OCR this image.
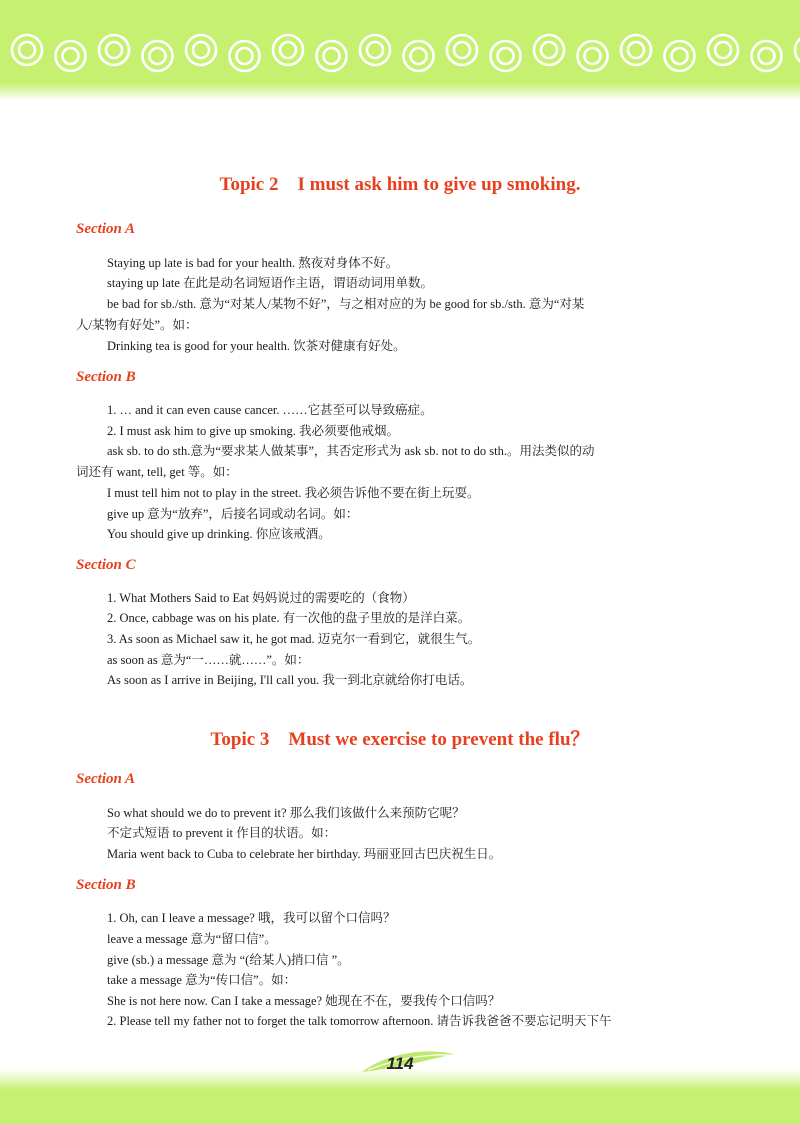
Topic 2    I must ask him to give up smoking.
Section A
Staying up late is bad for your health. 熬夜对身体不好。
staying up late 在此是动名词短语作主语，谓语动词用单数。
be bad for sb./sth. 意为“对某人/某物不好”，与之相对应的为 be good for sb./sth. 意为“对某
人/某物有好处”。如：
Drinking tea is good for your health. 饮茶对健康有好处。
Section B
1. … and it can even cause cancer. ……它甚至可以导致癌症。
2. I must ask him to give up smoking. 我必须要他戒烟。
ask sb. to do sth.意为“要求某人做某事”，其否定形式为 ask sb. not to do sth.。用法类似的动
词还有 want, tell, get 等。如：
I must tell him not to play in the street. 我必须告诉他不要在街上玩耍。
give up 意为“放弃”，后接名词或动名词。如：
You should give up drinking. 你应该戒酒。
Section C
1. What Mothers Said to Eat 妈妈说过的需要吃的（食物）
2. Once, cabbage was on his plate. 有一次他的盘子里放的是洋白菜。
3. As soon as Michael saw it, he got mad. 迈克尔一看到它，就很生气。
as soon as 意为“一……就……”。如：
As soon as I arrive in Beijing, I'll call you. 我一到北京就给你打电话。
Topic 3    Must we exercise to prevent the flu？
Section A
So what should we do to prevent it? 那么我们该做什么来预防它呢？
不定式短语 to prevent it 作目的状语。如：
Maria went back to Cuba to celebrate her birthday. 玛丽亚回古巴庆祝生日。
Section B
1. Oh, can I leave a message? 哦，我可以留个口信吗？
leave a message 意为“留口信”。
give (sb.) a message 意为 “(给某人)捎口信 ”。
take a message 意为“传口信”。如：
She is not here now. Can I take a message? 她现在不在，要我传个口信吗？
2. Please tell my father not to forget the talk tomorrow afternoon. 请告诉我爸爸不要忘记明天下午
114
